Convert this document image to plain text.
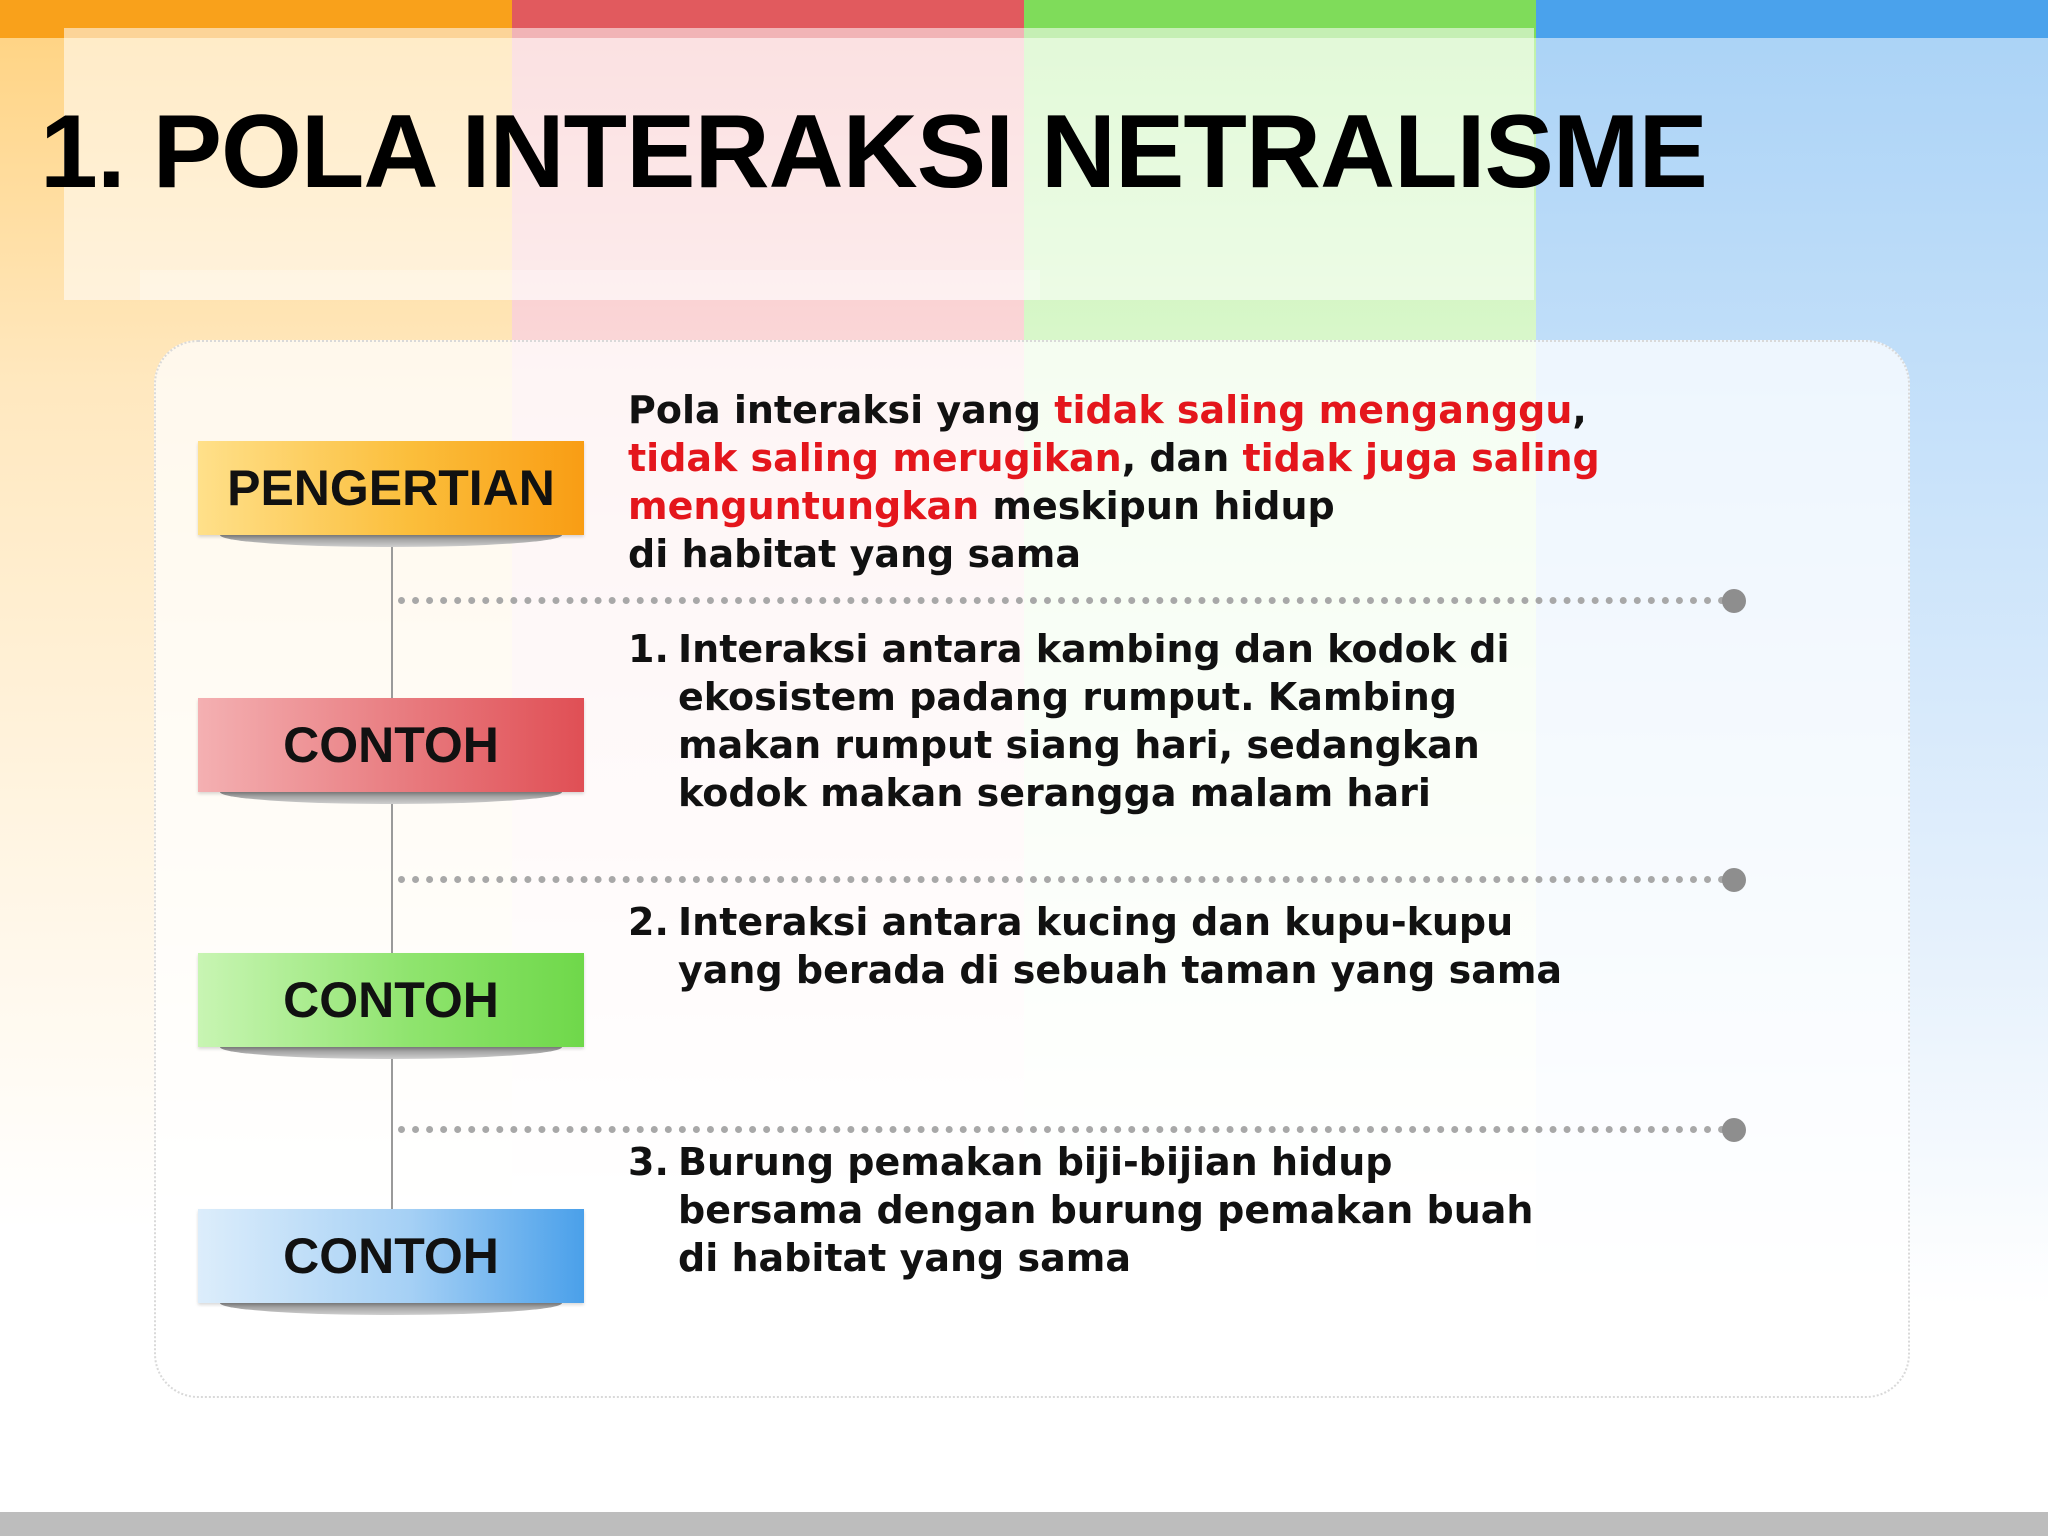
1. POLA INTERAKSI NETRALISME
PENGERTIAN
CONTOH
CONTOH
CONTOH

Pola interaksi yang tidak saling menganggu,
tidak saling merugikan, dan tidak juga saling
menguntungkan meskipun hidup
di habitat yang sama

1. Interaksi antara kambing dan kodok di
ekosistem padang rumput. Kambing
makan rumput siang hari, sedangkan
kodok makan serangga malam hari
2. Interaksi antara kucing dan kupu-kupu
yang berada di sebuah taman yang sama
3. Burung pemakan biji-bijian hidup
bersama dengan burung pemakan buah
di habitat yang sama
